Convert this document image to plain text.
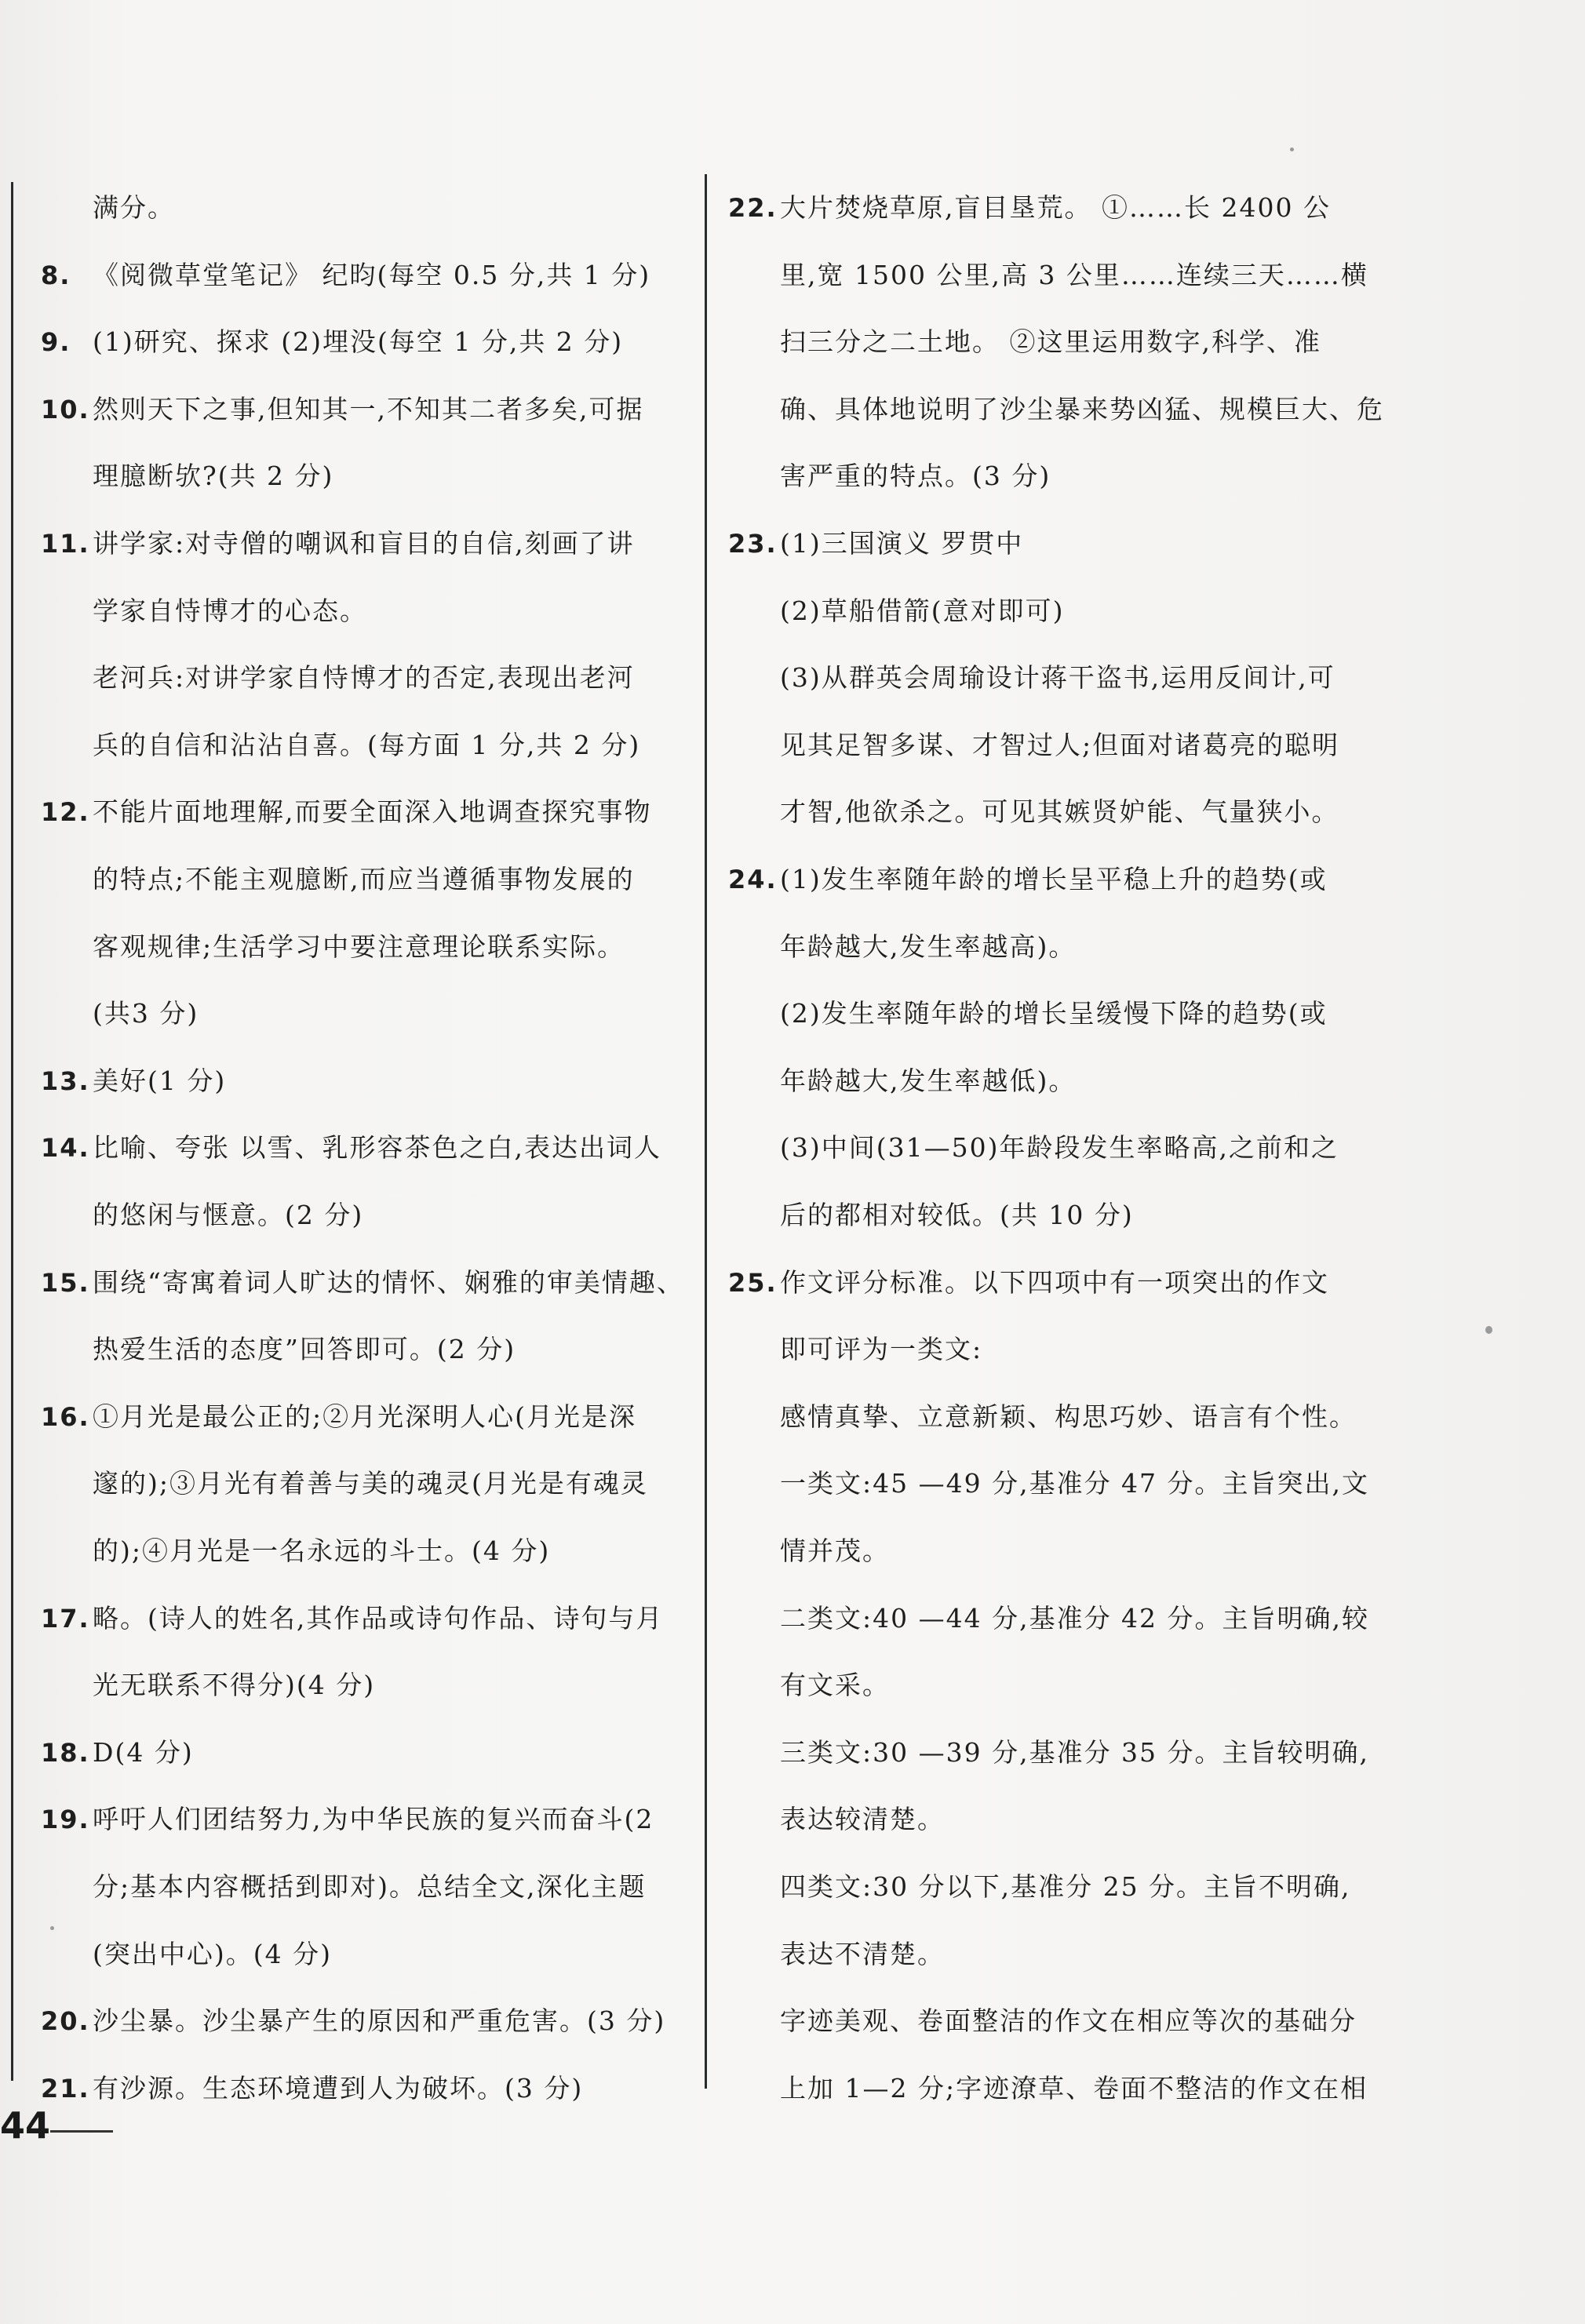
满分。
8. 《阅微草堂笔记》 纪昀(每空 0.5 分,共 1 分)
9. (1)研究、探求 (2)埋没(每空 1 分,共 2 分)
10. 然则天下之事,但知其一,不知其二者多矣,可据
理臆断欤?(共 2 分)
11. 讲学家:对寺僧的嘲讽和盲目的自信,刻画了讲
学家自恃博才的心态。
老河兵:对讲学家自恃博才的否定,表现出老河
兵的自信和沾沾自喜。(每方面 1 分,共 2 分)
12. 不能片面地理解,而要全面深入地调查探究事物
的特点;不能主观臆断,而应当遵循事物发展的
客观规律;生活学习中要注意理论联系实际。
(共3 分)
13. 美好(1 分)
14. 比喻、夸张 以雪、乳形容茶色之白,表达出词人
的悠闲与惬意。(2 分)
15. 围绕“寄寓着词人旷达的情怀、娴雅的审美情趣、
热爱生活的态度”回答即可。(2 分)
16. ①月光是最公正的;②月光深明人心(月光是深
邃的);③月光有着善与美的魂灵(月光是有魂灵
的);④月光是一名永远的斗士。(4 分)
17. 略。(诗人的姓名,其作品或诗句作品、诗句与月
光无联系不得分)(4 分)
18. D(4 分)
19. 呼吁人们团结努力,为中华民族的复兴而奋斗(2
分;基本内容概括到即对)。总结全文,深化主题
(突出中心)。(4 分)
20. 沙尘暴。沙尘暴产生的原因和严重危害。(3 分)
21. 有沙源。生态环境遭到人为破坏。(3 分)
22. 大片焚烧草原,盲目垦荒。 ①……长 2400 公
里,宽 1500 公里,高 3 公里……连续三天……横
扫三分之二土地。 ②这里运用数字,科学、准
确、具体地说明了沙尘暴来势凶猛、规模巨大、危
害严重的特点。(3 分)
23. (1)三国演义 罗贯中
(2)草船借箭(意对即可)
(3)从群英会周瑜设计蒋干盗书,运用反间计,可
见其足智多谋、才智过人;但面对诸葛亮的聪明
才智,他欲杀之。可见其嫉贤妒能、气量狭小。
24. (1)发生率随年龄的增长呈平稳上升的趋势(或
年龄越大,发生率越高)。
(2)发生率随年龄的增长呈缓慢下降的趋势(或
年龄越大,发生率越低)。
(3)中间(31—50)年龄段发生率略高,之前和之
后的都相对较低。(共 10 分)
25. 作文评分标准。以下四项中有一项突出的作文
即可评为一类文:
感情真挚、立意新颖、构思巧妙、语言有个性。
一类文:45 —49 分,基准分 47 分。主旨突出,文
情并茂。
二类文:40 —44 分,基准分 42 分。主旨明确,较
有文采。
三类文:30 —39 分,基准分 35 分。主旨较明确,
表达较清楚。
四类文:30 分以下,基准分 25 分。主旨不明确,
表达不清楚。
字迹美观、卷面整洁的作文在相应等次的基础分
上加 1—2 分;字迹潦草、卷面不整洁的作文在相
44
